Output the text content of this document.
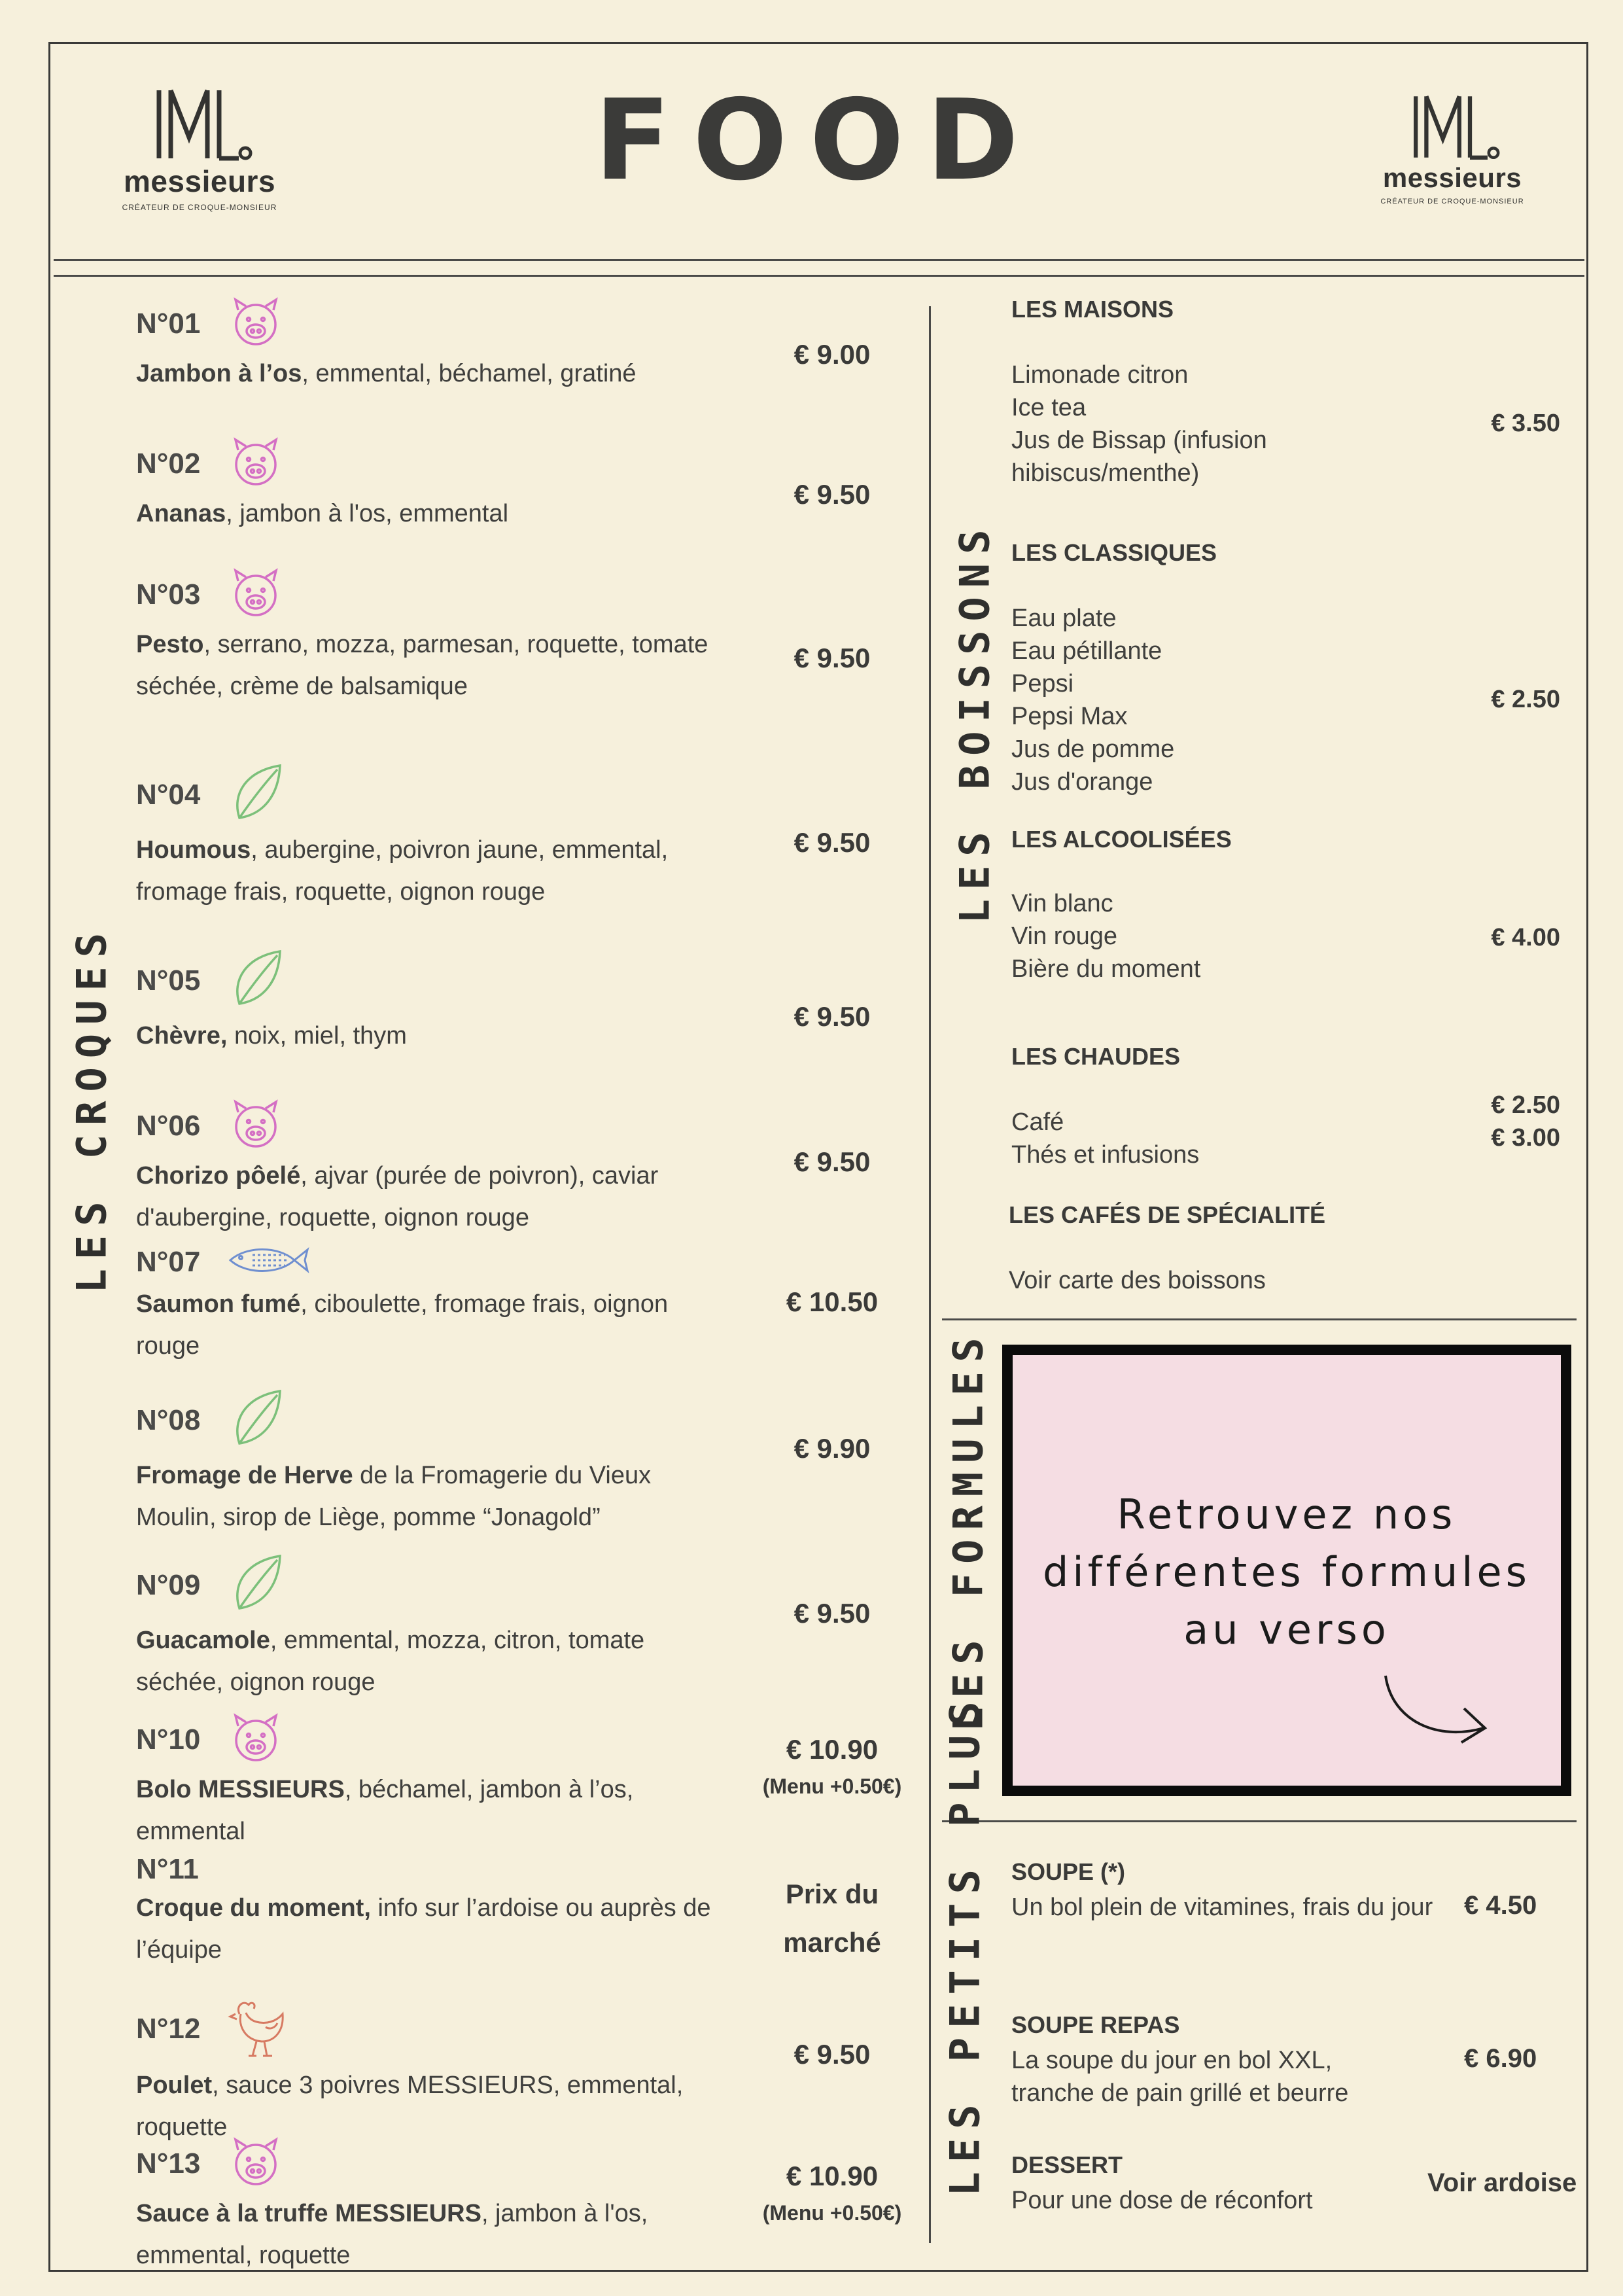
messieurs
CRÉATEUR DE CROQUE-MONSIEUR
FOOD	messieurs
CRÉATEUR DE CROQUE-MONSIEUR
LES CROQUES
LES BOISSONS
LES FORMULES
LES PETITS PLUS
N°01
Jambon à l’os, emmental, béchamel, gratiné
€ 9.00
N°02
Ananas, jambon à l'os, emmental
€ 9.50
N°03
Pesto, serrano, mozza, parmesan, roquette, tomate séchée, crème de balsamique
€ 9.50
N°04
Houmous, aubergine, poivron jaune, emmental, fromage frais, roquette, oignon rouge
€ 9.50
N°05
Chèvre, noix, miel, thym
€ 9.50
N°06
Chorizo pôelé, ajvar (purée de poivron), caviar d'aubergine, roquette, oignon rouge
€ 9.50
N°07
Saumon fumé, ciboulette, fromage frais, oignon rouge
€ 10.50
N°08
Fromage de Herve de la Fromagerie du Vieux Moulin, sirop de Liège, pomme “Jonagold”
€ 9.90
N°09
Guacamole, emmental, mozza, citron, tomate séchée, oignon rouge
€ 9.50
N°10
Bolo MESSIEURS, béchamel, jambon à l’os, emmental
€ 10.90
(Menu +0.50€)
N°11
Croque du moment, info sur l’ardoise ou auprès de l’équipe
Prix du marché
N°12
Poulet, sauce 3 poivres MESSIEURS, emmental, roquette
€ 9.50
N°13
Sauce à la truffe MESSIEURS, jambon à l'os, emmental, roquette
€ 10.90
(Menu +0.50€)
LES MAISONS
Limonade citron
Ice tea
Jus de Bissap (infusion
hibiscus/menthe)
€ 3.50
LES CLASSIQUES
Eau plate
Eau pétillante
Pepsi
Pepsi Max
Jus de pomme
Jus d'orange
€ 2.50
LES ALCOOLISÉES
Vin blanc
Vin rouge
Bière du moment
€ 4.00
LES CHAUDES
Café
Thés et infusions
€ 2.50
€ 3.00
LES CAFÉS DE SPÉCIALITÉ
Voir carte des boissons
Retrouvez nos
différentes formules
au verso
SOUPE (*)
Un bol plein de vitamines, frais du jour € 4.50
SOUPE REPAS
La soupe du jour en bol XXL, tranche de pain grillé et beurre
€ 6.90
DESSERT
Pour une dose de réconfort
Voir ardoise
